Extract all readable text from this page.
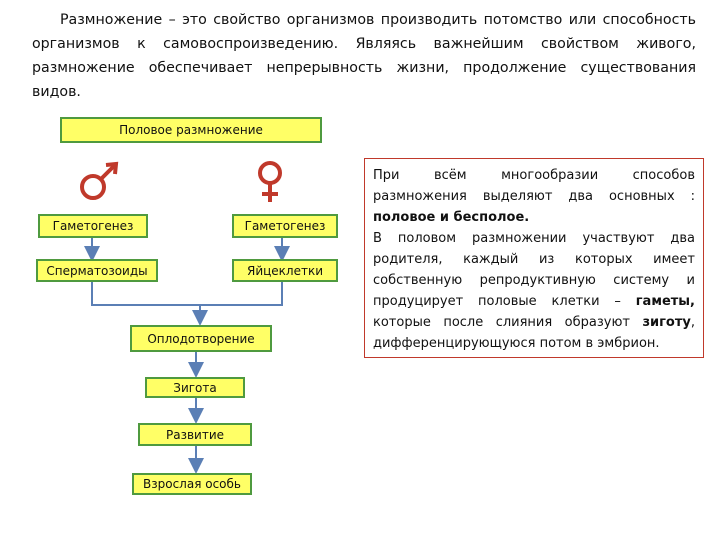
Размножение – это свойство организмов производить потомство или способность организмов к самовоспроизведению. Являясь важнейшим свойством живого, размножение обеспечивает непрерывность жизни, продолжение существования видов.

Половое размножение
Гаметогенез	Гаметогенез
Сперматозоиды	Яйцеклетки
Оплодотворение
Зигота
Развитие
Взрослая особь

При всём многообразии способов размножения выделяют два основных : половое и бесполое.

В половом размножении участвуют два родителя, каждый из которых имеет собственную репродуктивную систему и продуцирует половые клетки – гаметы, которые после слияния образуют зиготу, дифференцирующуюся потом в эмбрион.
